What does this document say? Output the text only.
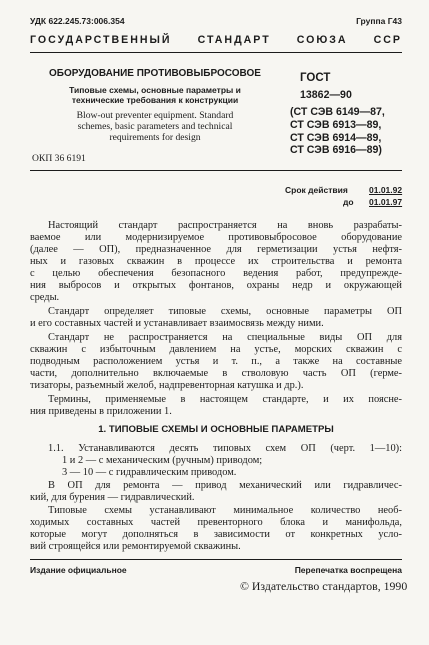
УДК 622.245.73:006.354	Группа Г43
ГОСУДАРСТВЕННЫЙ СТАНДАРТ СОЮЗА ССР
ОБОРУДОВАНИЕ ПРОТИВОВЫБРОСОВОЕ
Типовые схемы, основные параметры и
технические требования к конструкции
Blow-out preventer equipment. Standard
schemes, basic parameters and technical
requirements for design
ОКП 36 6191
ГОСТ
13862—90
(СТ СЭВ 6149—87,
СТ СЭВ 6913—89,
СТ СЭВ 6914—89,
СТ СЭВ 6916—89)
Срок действия 01.01.92
до 01.01.97
Настоящий стандарт распространяется на вновь разрабаты-
ваемое или модернизируемое противовыбросовое оборудование
(далее — ОП), предназначенное для герметизации устья нефтя-
ных и газовых скважин в процессе их строительства и ремонта
с целью обеспечения безопасного ведения работ, предупрежде-
ния выбросов и открытых фонтанов, охраны недр и окружающей
среды.
Стандарт определяет типовые схемы, основные параметры ОП
и его составных частей и устанавливает взаимосвязь между ними.
Стандарт не распространяется на специальные виды ОП для
скважин с избыточным давлением на устье, морских скважин с
подводным расположением устья и т. п., а также на составные
части, дополнительно включаемые в стволовую часть ОП (герме-
тизаторы, разъемный желоб, надпревенторная катушка и др.).
Термины, применяемые в настоящем стандарте, и их поясне-
ния приведены в приложении 1.
1. ТИПОВЫЕ СХЕМЫ И ОСНОВНЫЕ ПАРАМЕТРЫ
1.1. Устанавливаются десять типовых схем ОП (черт. 1—10):
1 и 2 — с механическим (ручным) приводом;
3 — 10 — с гидравлическим приводом.
В ОП для ремонта — привод механический или гидравличес-
кий, для бурения — гидравлический.
Типовые схемы устанавливают минимальное количество необ-
ходимых составных частей превенторного блока и манифольда,
которые могут дополняться в зависимости от конкретных усло-
вий строящейся или ремонтируемой скважины.
Издание официальное	Перепечатка воспрещена
© Издательство стандартов, 1990
